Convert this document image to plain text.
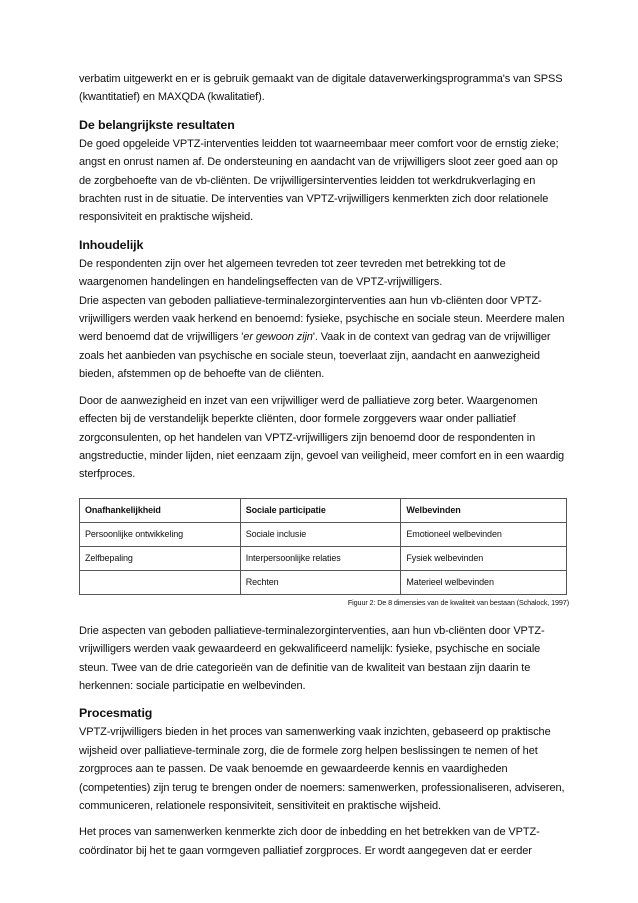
verbatim uitgewerkt en er is gebruik gemaakt van de digitale dataverwerkingsprogramma's van SPSS
(kwantitatief) en MAXQDA (kwalitatief).

De belangrijkste resultaten

De goed opgeleide VPTZ-interventies leidden tot waarneembaar meer comfort voor de ernstig zieke; angst en onrust namen af. De ondersteuning en aandacht van de vrijwilligers sloot zeer goed aan op de zorgbehoefte van de vb-cliënten. De vrijwilligersinterventies leidden tot werkdrukverlaging en brachten rust in de situatie. De interventies van VPTZ-vrijwilligers kenmerkten zich door relationele responsiviteit en praktische wijsheid.

Inhoudelijk

De respondenten zijn over het algemeen tevreden tot zeer tevreden met betrekking tot de waargenomen handelingen en handelingseffecten van de VPTZ-vrijwilligers.
Drie aspecten van geboden palliatieve-terminalezorginterventies aan hun vb-cliënten door VPTZ-vrijwilligers werden vaak herkend en benoemd: fysieke, psychische en sociale steun. Meerdere malen werd benoemd dat de vrijwilligers 'er gewoon zijn'. Vaak in de context van gedrag van de vrijwilliger zoals het aanbieden van psychische en sociale steun, toeverlaat zijn, aandacht en aanwezigheid bieden, afstemmen op de behoefte van de cliënten.

Door de aanwezigheid en inzet van een vrijwilliger werd de palliatieve zorg beter. Waargenomen effecten bij de verstandelijk beperkte cliënten, door formele zorggevers waar onder palliatief zorgconsulenten, op het handelen van VPTZ-vrijwilligers zijn benoemd door de respondenten in angstreductie, minder lijden, niet eenzaam zijn, gevoel van veiligheid, meer comfort en in een waardig sterfproces.

Onafhankelijkheid	Sociale participatie	Welbevinden
Persoonlijke ontwikkeling	Sociale inclusie	Emotioneel welbevinden
Zelfbepaling	Interpersoonlijke relaties	Fysiek welbevinden
	Rechten	Materieel welbevinden
Figuur 2: De 8 dimensies van de kwaliteit van bestaan (Schalock, 1997)

Drie aspecten van geboden palliatieve-terminalezorginterventies, aan hun vb-cliënten door VPTZ-vrijwilligers werden vaak gewaardeerd en gekwalificeerd namelijk: fysieke, psychische en sociale steun. Twee van de drie categorieën van de definitie van de kwaliteit van bestaan zijn daarin te herkennen: sociale participatie en welbevinden.

Procesmatig

VPTZ-vrijwilligers bieden in het proces van samenwerking vaak inzichten, gebaseerd op praktische wijsheid over palliatieve-terminale zorg, die de formele zorg helpen beslissingen te nemen of het zorgproces aan te passen. De vaak benoemde en gewaardeerde kennis en vaardigheden (competenties) zijn terug te brengen onder de noemers: samenwerken, professionaliseren, adviseren, communiceren, relationele responsiviteit, sensitiviteit en praktische wijsheid.

Het proces van samenwerken kenmerkte zich door de inbedding en het betrekken van de VPTZ-coördinator bij het te gaan vormgeven palliatief zorgproces. Er wordt aangegeven dat er eerder
